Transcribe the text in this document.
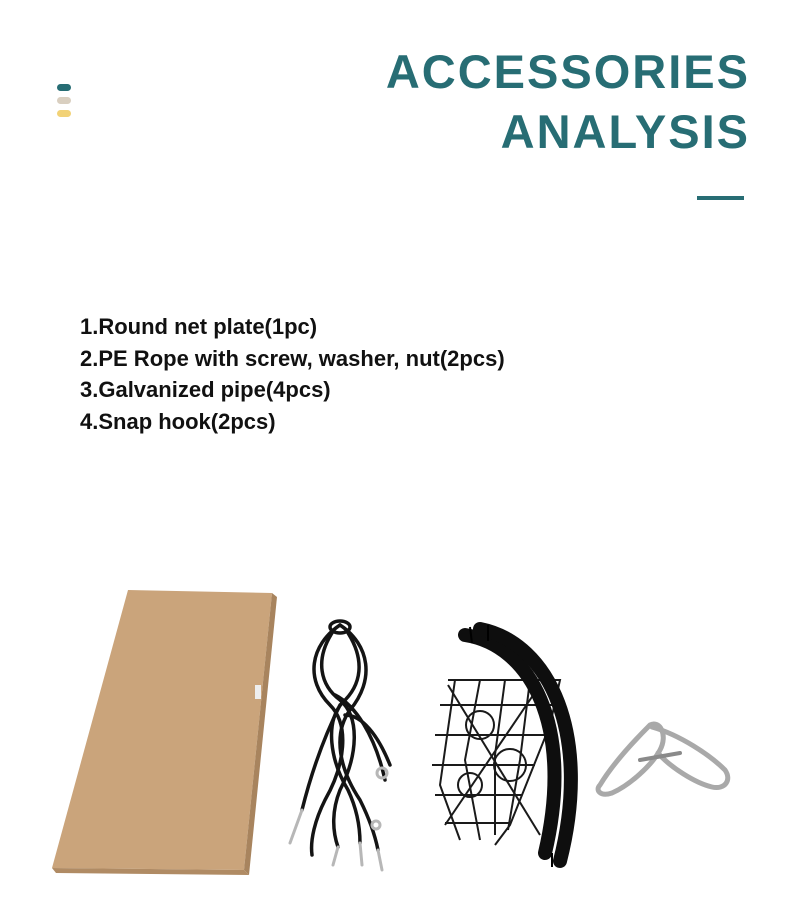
ACCESSORIES
ANALYSIS
1.Round net plate(1pc)
2.PE Rope with screw, washer, nut(2pcs)
3.Galvanized pipe(4pcs)
4.Snap hook(2pcs)
